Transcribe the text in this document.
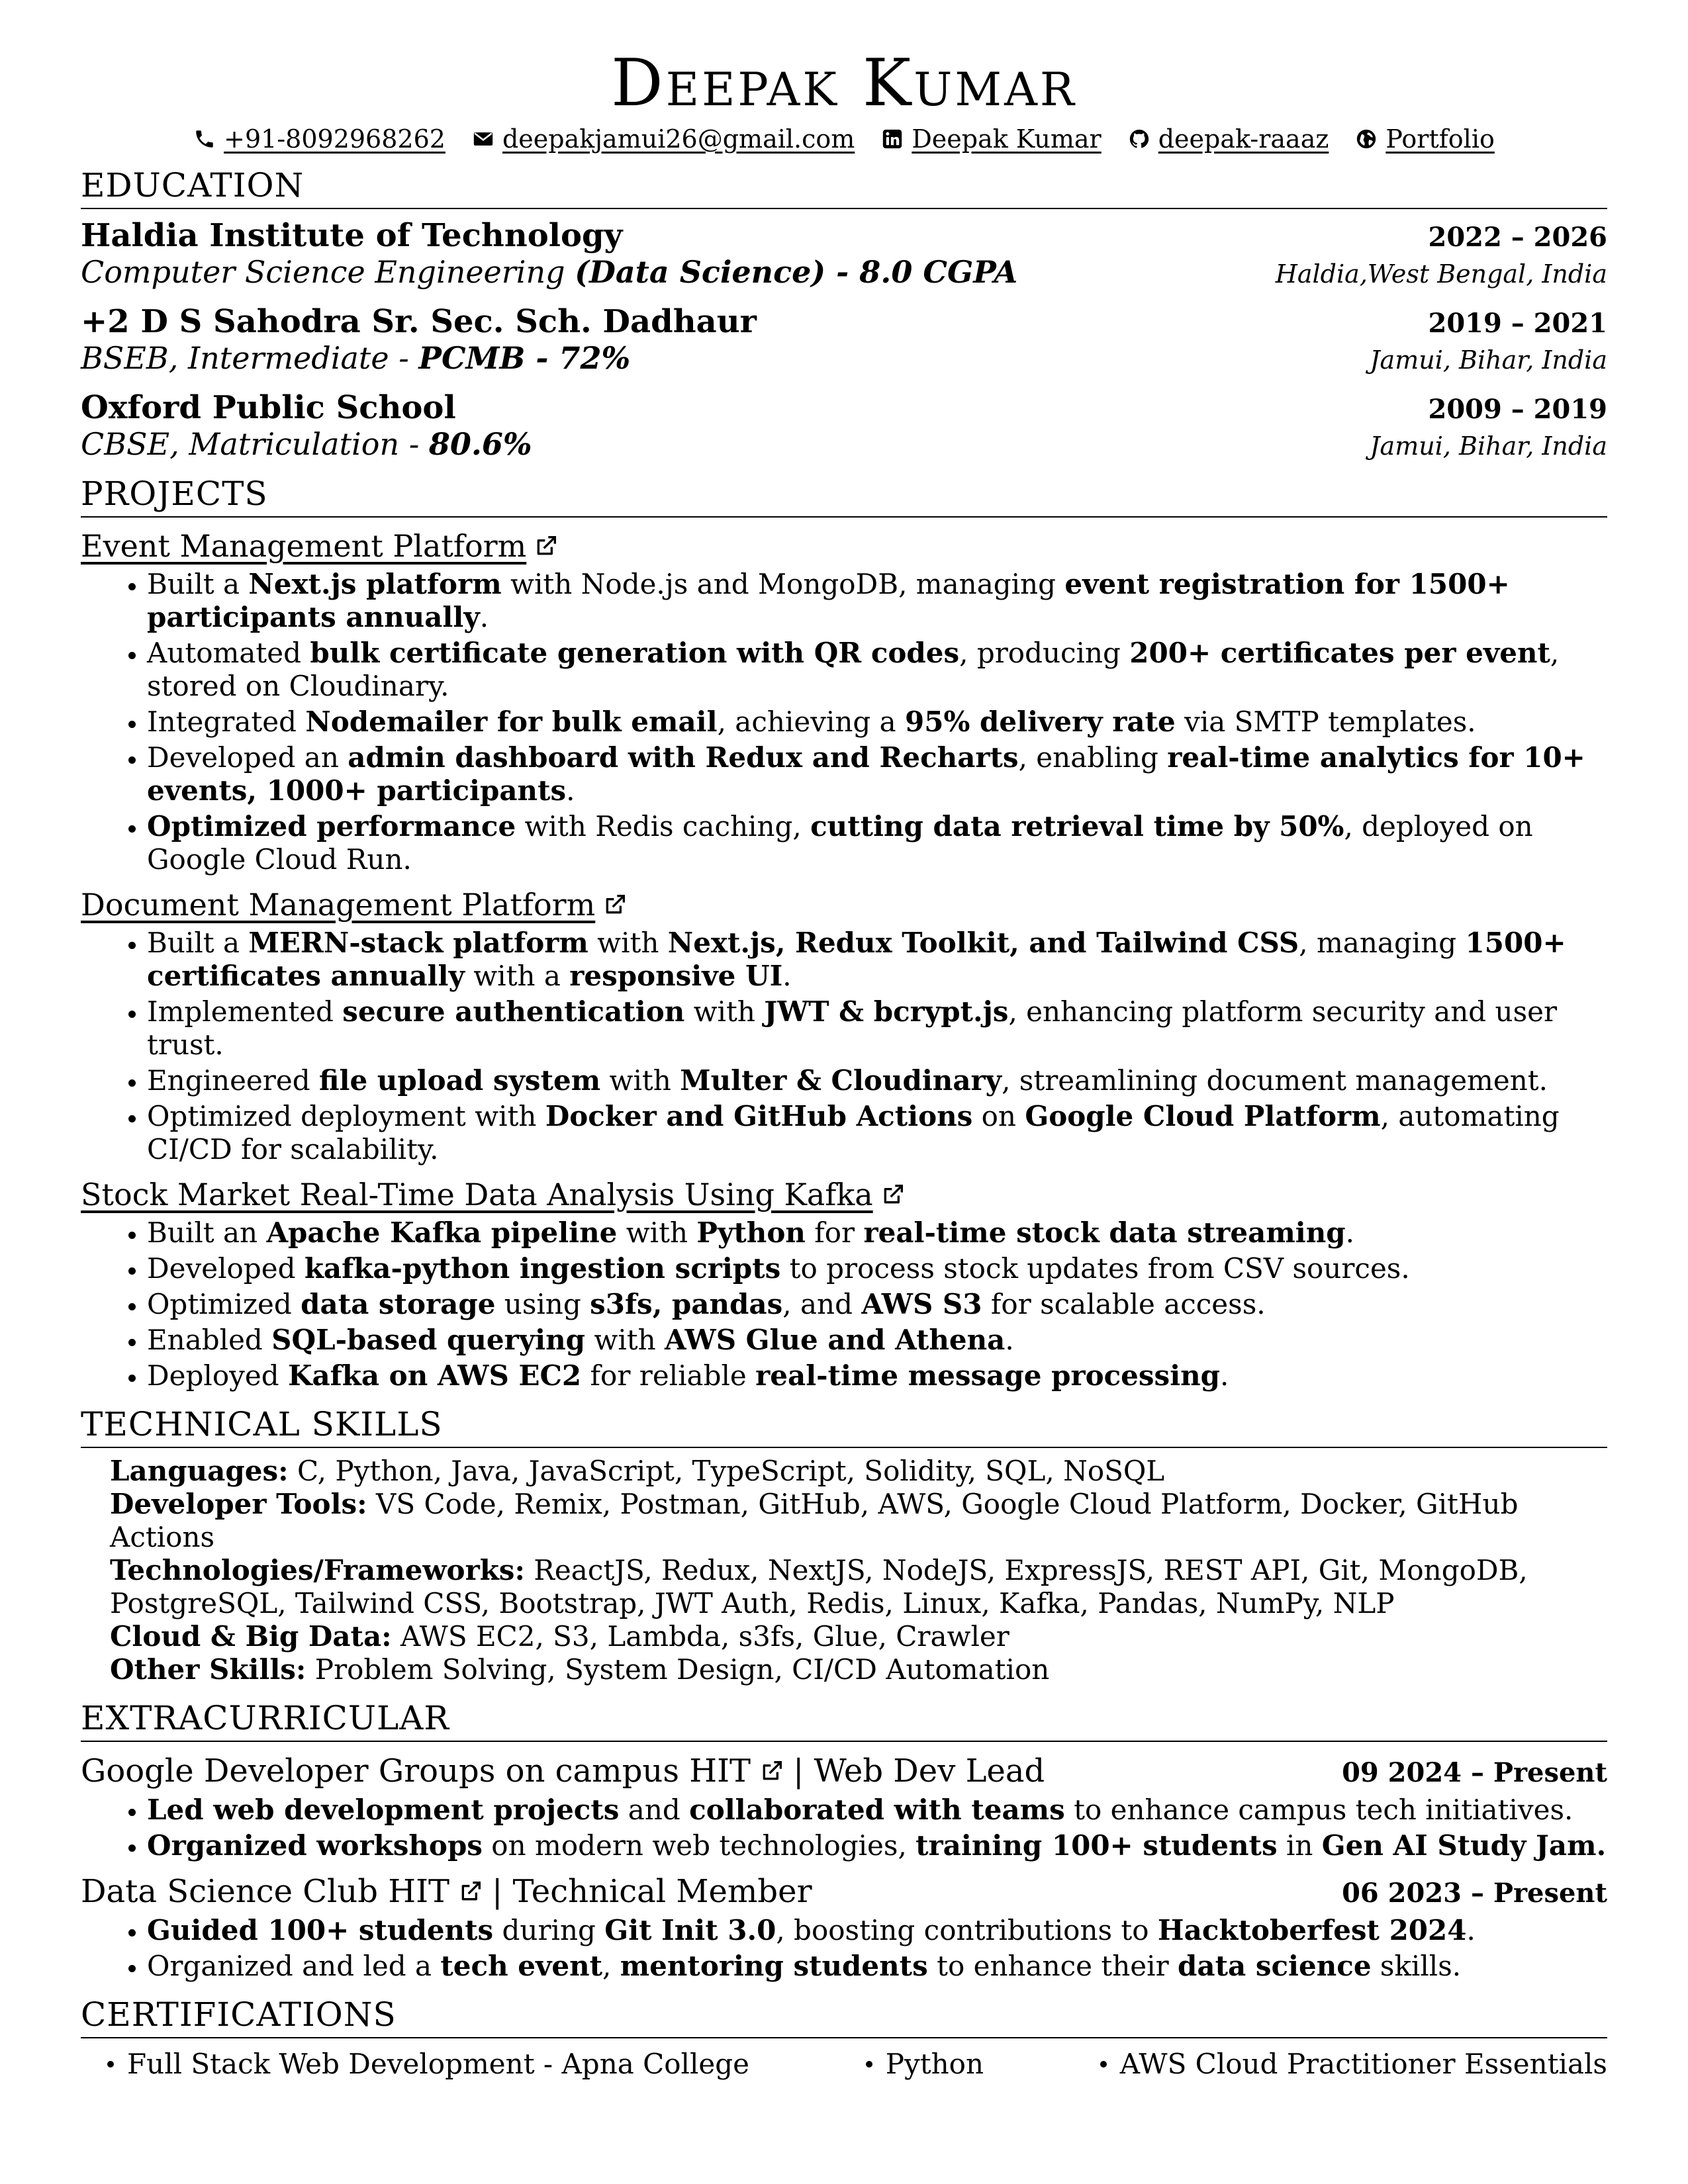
Deepak Kumar
+91-8092968262 deepakjamui26@gmail.com Deepak Kumar deepak-raaaz Portfolio
EDUCATION
Haldia Institute of Technology	2022 – 2026
Computer Science Engineering (Data Science) - 8.0 CGPA	Haldia,West Bengal, India
+2 D S Sahodra Sr. Sec. Sch. Dadhaur	2019 – 2021
BSEB, Intermediate - PCMB - 72%	Jamui, Bihar, India
Oxford Public School	2009 – 2019
CBSE, Matriculation - 80.6%	Jamui, Bihar, India
PROJECTS
Event Management Platform
• Built a Next.js platform with Node.js and MongoDB, managing event registration for 1500+ participants annually.
• Automated bulk certificate generation with QR codes, producing 200+ certificates per event, stored on Cloudinary.
• Integrated Nodemailer for bulk email, achieving a 95% delivery rate via SMTP templates.
• Developed an admin dashboard with Redux and Recharts, enabling real-time analytics for 10+ events, 1000+ participants.
• Optimized performance with Redis caching, cutting data retrieval time by 50%, deployed on Google Cloud Run.
Document Management Platform
• Built a MERN-stack platform with Next.js, Redux Toolkit, and Tailwind CSS, managing 1500+ certificates annually with a responsive UI.
• Implemented secure authentication with JWT & bcrypt.js, enhancing platform security and user trust.
• Engineered file upload system with Multer & Cloudinary, streamlining document management.
• Optimized deployment with Docker and GitHub Actions on Google Cloud Platform, automating CI/CD for scalability.
Stock Market Real-Time Data Analysis Using Kafka
• Built an Apache Kafka pipeline with Python for real-time stock data streaming.
• Developed kafka-python ingestion scripts to process stock updates from CSV sources.
• Optimized data storage using s3fs, pandas, and AWS S3 for scalable access.
• Enabled SQL-based querying with AWS Glue and Athena.
• Deployed Kafka on AWS EC2 for reliable real-time message processing.
TECHNICAL SKILLS
Languages: C, Python, Java, JavaScript, TypeScript, Solidity, SQL, NoSQL
Developer Tools: VS Code, Remix, Postman, GitHub, AWS, Google Cloud Platform, Docker, GitHub Actions
Technologies/Frameworks: ReactJS, Redux, NextJS, NodeJS, ExpressJS, REST API, Git, MongoDB, PostgreSQL, Tailwind CSS, Bootstrap, JWT Auth, Redis, Linux, Kafka, Pandas, NumPy, NLP
Cloud & Big Data: AWS EC2, S3, Lambda, s3fs, Glue, Crawler
Other Skills: Problem Solving, System Design, CI/CD Automation
EXTRACURRICULAR
Google Developer Groups on campus HIT | Web Dev Lead	09 2024 – Present
• Led web development projects and collaborated with teams to enhance campus tech initiatives.
• Organized workshops on modern web technologies, training 100+ students in Gen AI Study Jam.
Data Science Club HIT | Technical Member	06 2023 – Present
• Guided 100+ students during Git Init 3.0, boosting contributions to Hacktoberfest 2024.
• Organized and led a tech event, mentoring students to enhance their data science skills.
CERTIFICATIONS
Full Stack Web Development - Apna College	Python	AWS Cloud Practitioner Essentials
